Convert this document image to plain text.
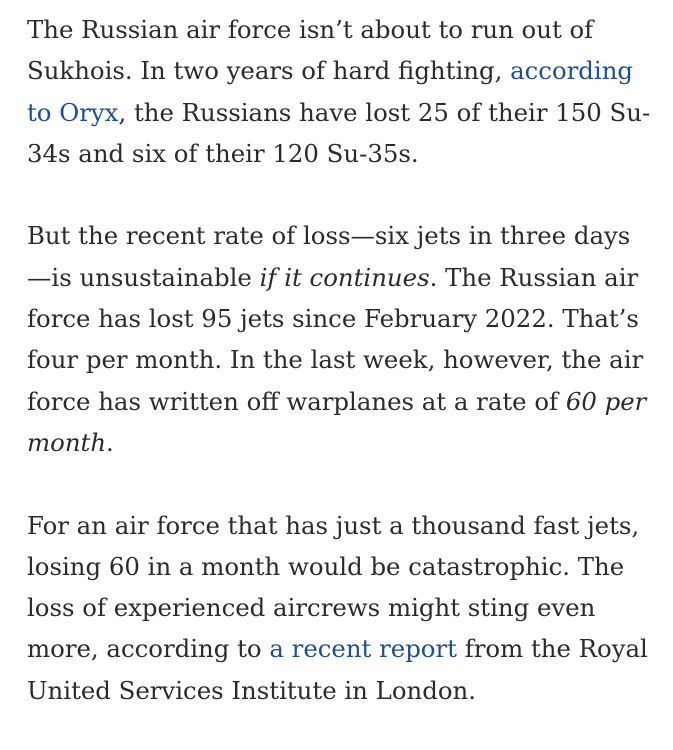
The Russian air force isn’t about to run out of
Sukhois. In two years of hard fighting, according
to Oryx, the Russians have lost 25 of their 150 Su-
34s and six of their 120 Su-35s.

But the recent rate of loss—six jets in three days
—is unsustainable if it continues. The Russian air
force has lost 95 jets since February 2022. That’s
four per month. In the last week, however, the air
force has written off warplanes at a rate of 60 per
month.

For an air force that has just a thousand fast jets,
losing 60 in a month would be catastrophic. The
loss of experienced aircrews might sting even
more, according to a recent report from the Royal
United Services Institute in London.
